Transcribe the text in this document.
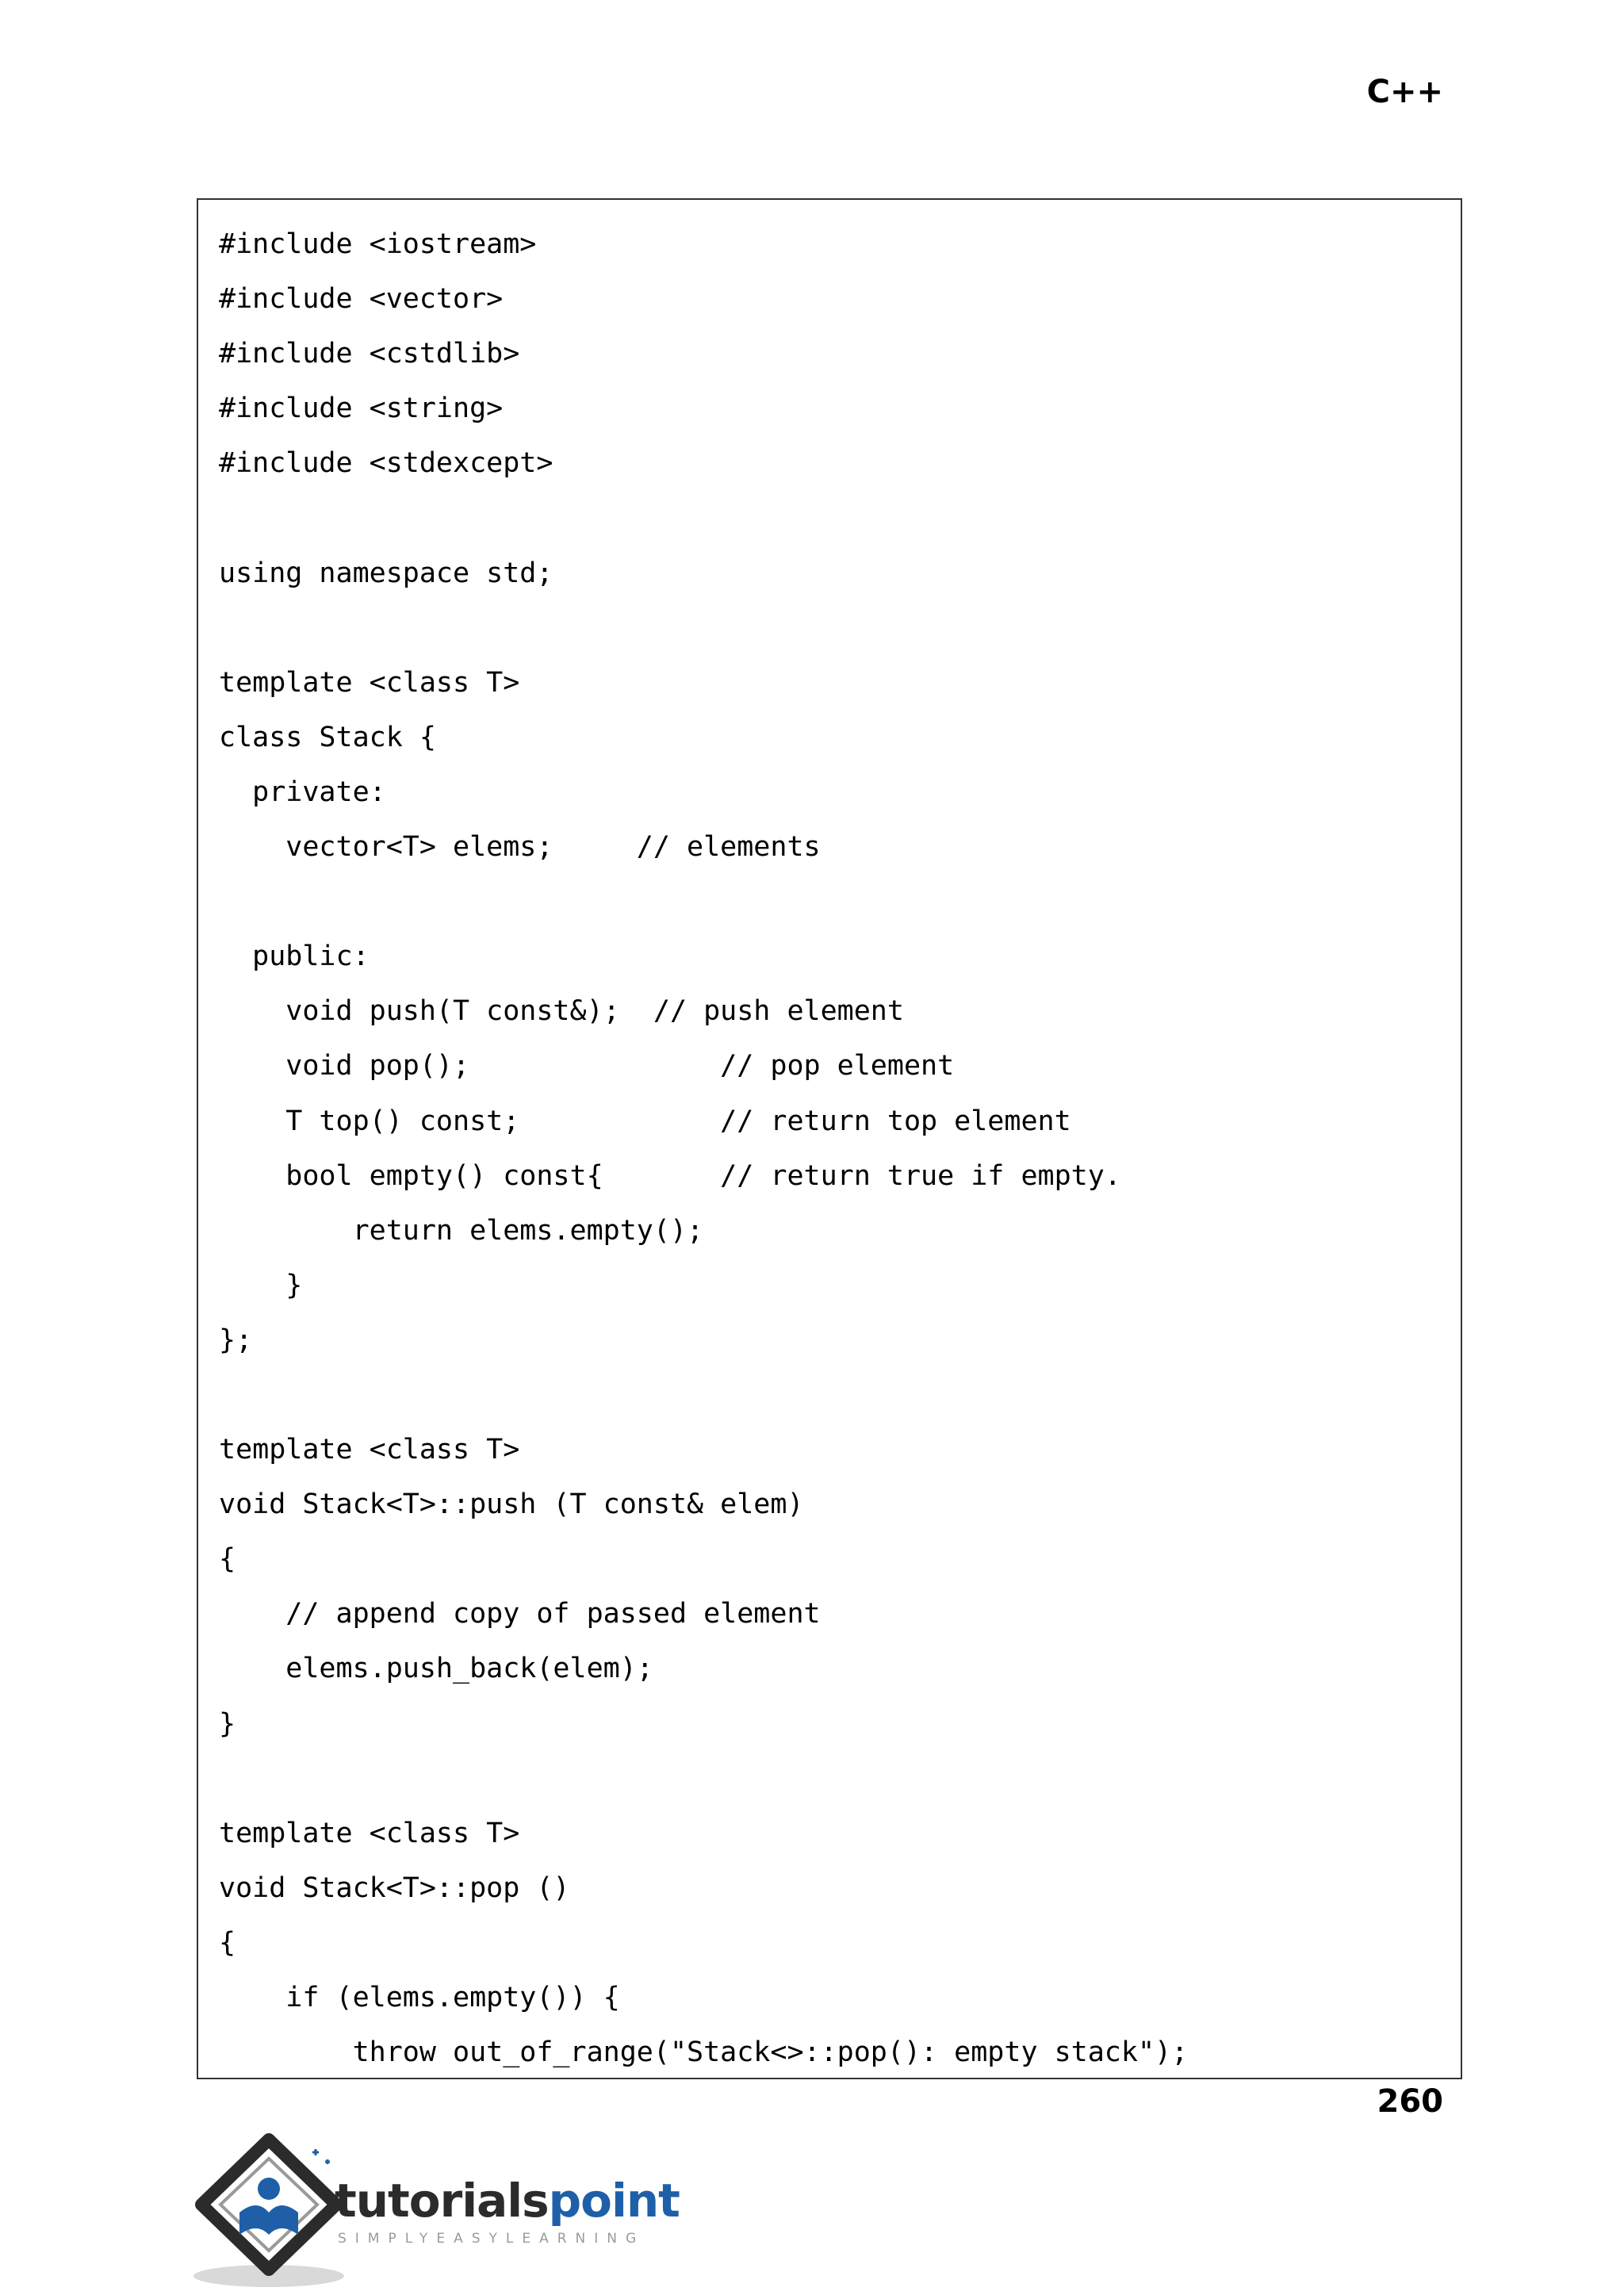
C++
#include <iostream>
#include <vector>
#include <cstdlib>
#include <string>
#include <stdexcept>
using namespace std;
template <class T>
class Stack {
private:
vector<T> elems;     // elements
public:
void push(T const&);  // push element
void pop();               // pop element
T top() const;            // return top element
bool empty() const{       // return true if empty.
return elems.empty();
}
};
template <class T>
void Stack<T>::push (T const& elem)
{
// append copy of passed element
elems.push_back(elem);
}
template <class T>
void Stack<T>::pop ()
{
if (elems.empty()) {
throw out_of_range("Stack<>::pop(): empty stack");
260
tutorialspoint
SIMPLYEASYLEARNING
